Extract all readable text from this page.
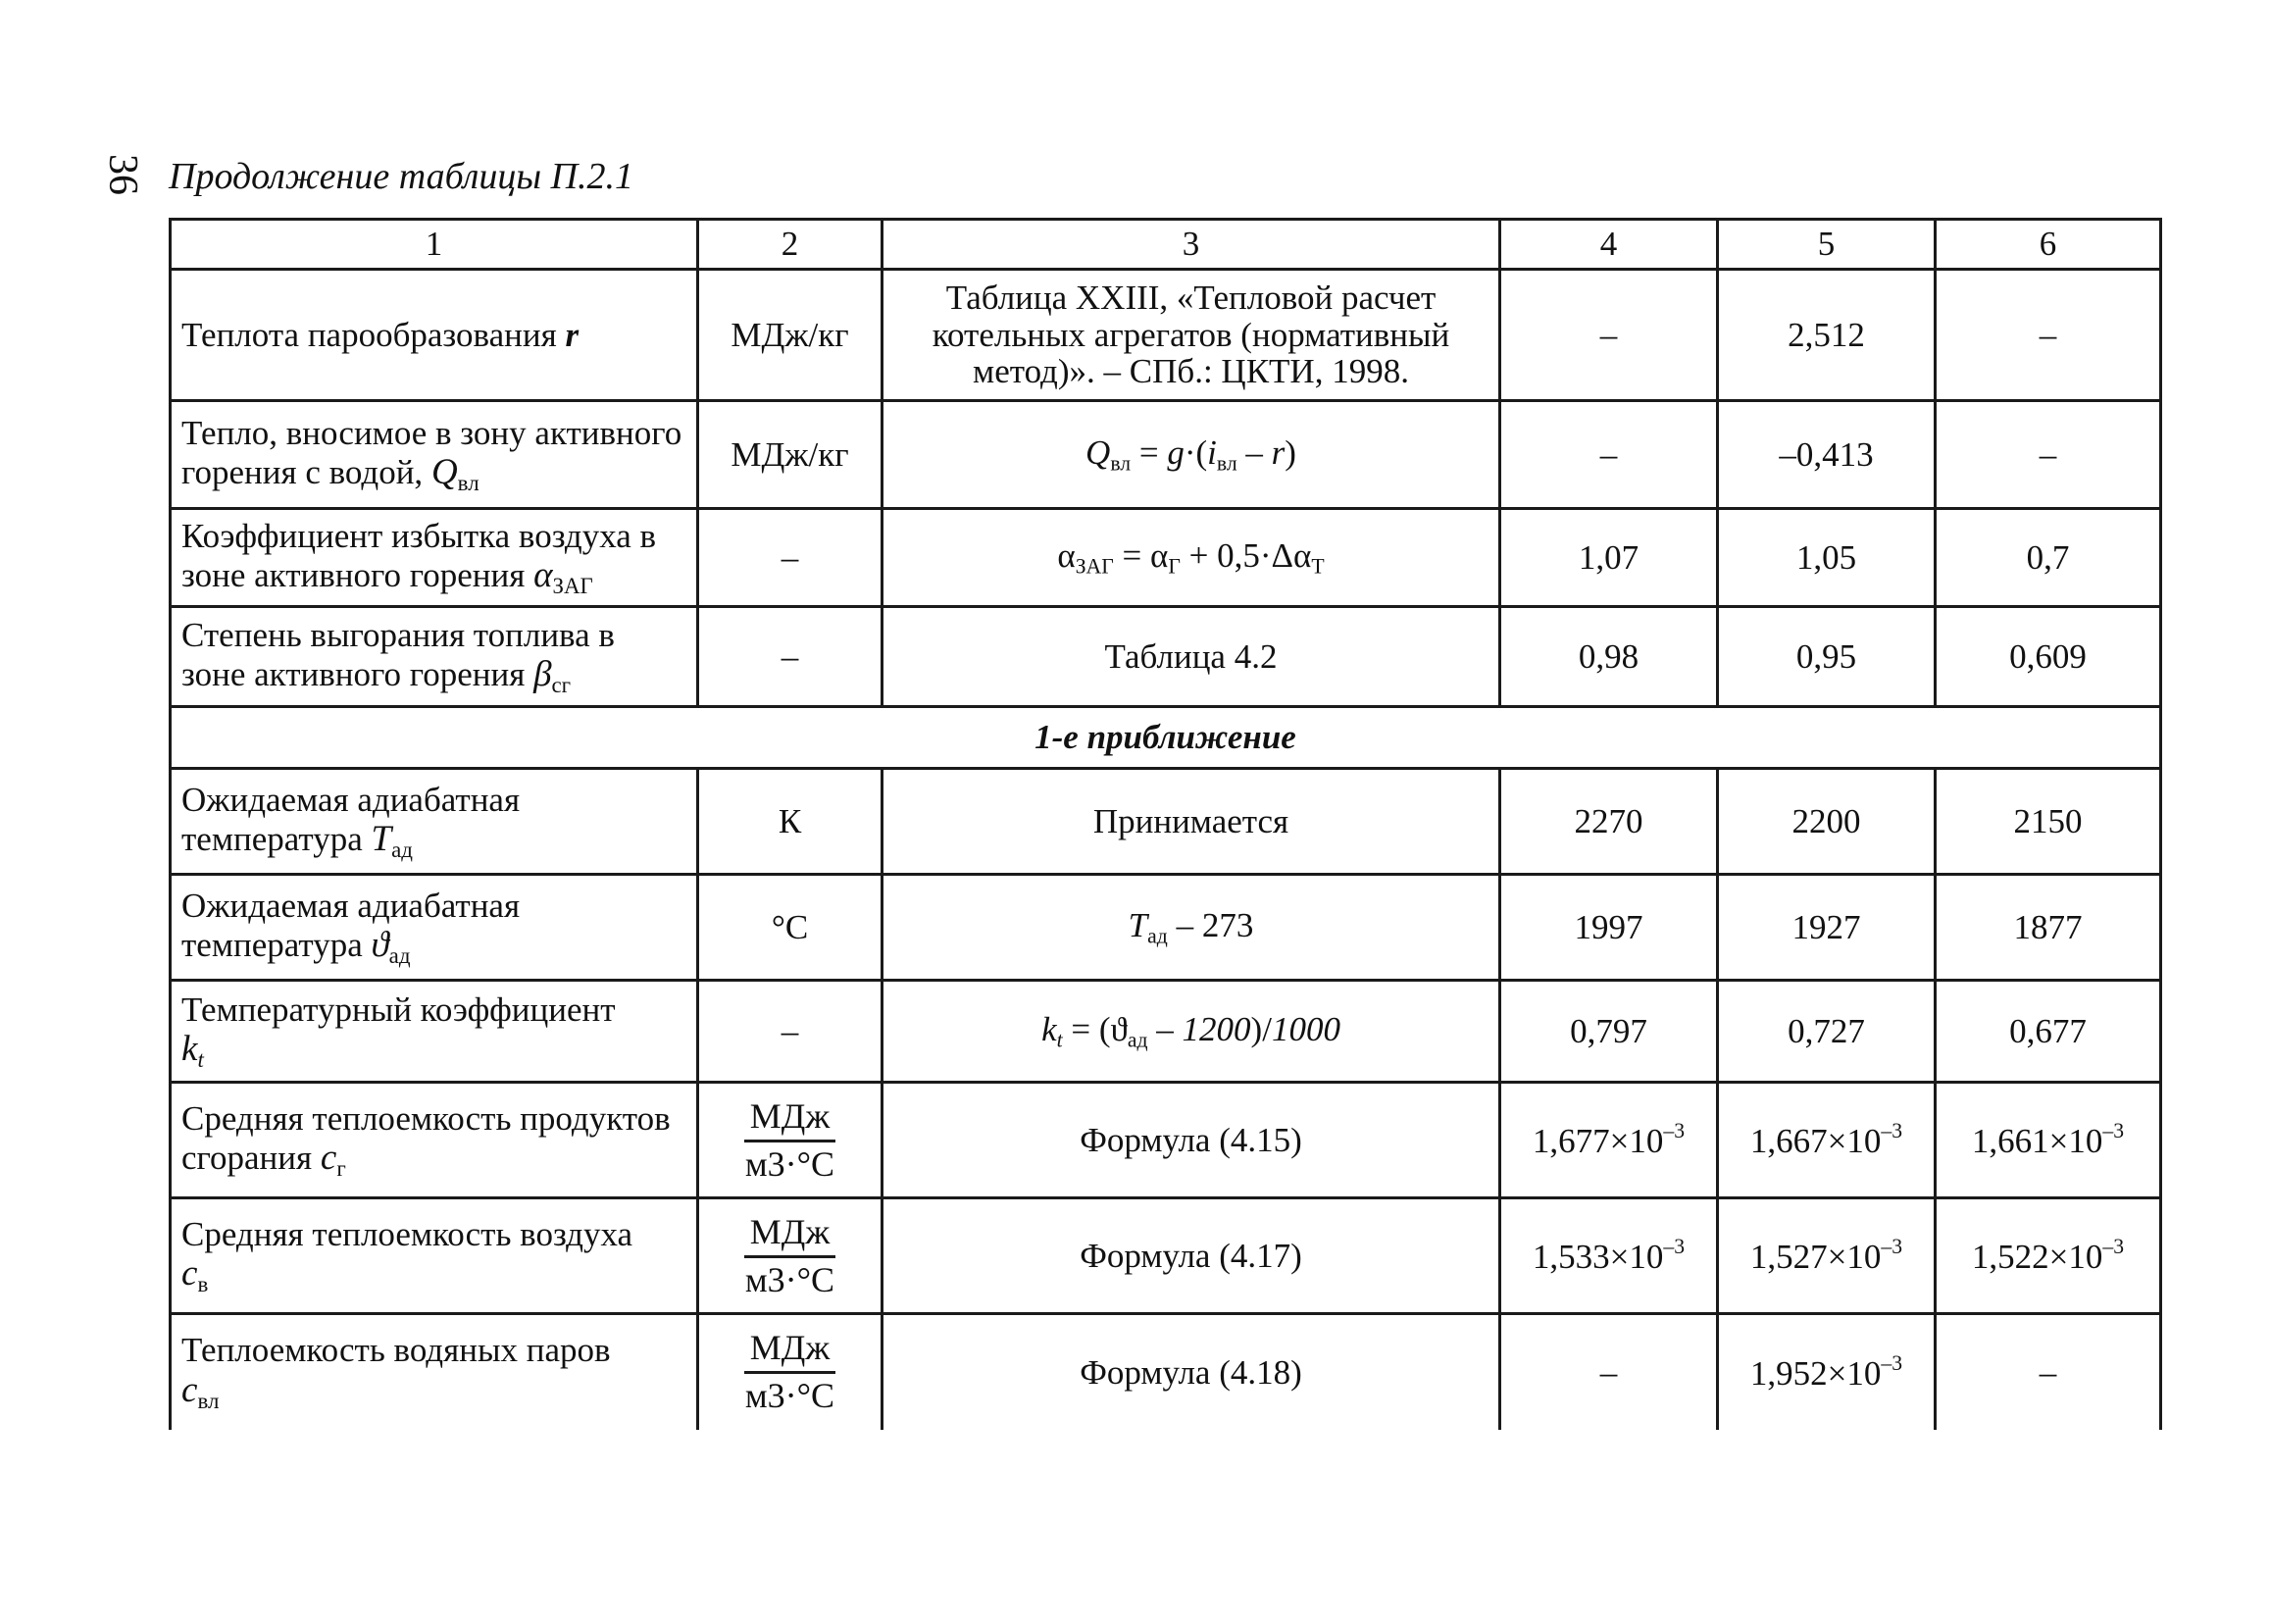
36 Продолжение таблицы П.2.1
1	2	3	4	5	6
Теплота парообразования r	МДж/кг	Таблица XXIII, «Тепловой расчет котельных агрегатов (нормативный метод)». – СПб.: ЦКТИ, 1998.	–	2,512	–
Тепло, вносимое в зону активного горения с водой, $Q_{вл}$	МДж/кг	$Q_{вл} = g\cdot(i_{вл} - r)$	–	–0,413	–
Коэффициент избытка воздуха в зоне активного горения $\alpha_{ЗАГ}$	–	$\alpha_{ЗАГ} = \alpha_Г + 0,5\cdot\Delta\alpha_Т$	1,07	1,05	0,7
Степень выгорания топлива в зоне активного горения $\beta_{сг}$	–	Таблица 4.2	0,98	0,95	0,609
1-е приближение					
Ожидаемая адиабатная температура $T_{ад}$	К	Принимается	2270	2200	2150
Ожидаемая адиабатная температура $ϑ_{ад}$	°С	$T_{ад} - 273$	1997	1927	1877

Температурный коэффициент
$k_t$	–	$k_t = (ϑ_{ад} - 1200)/1000$	0,797	0,727	0,677
Средняя теплоемкость продуктов сгорания $c_г$	$\frac{\text{МДж}}{м3\cdot^\circ С}$	Формула (4.15)	$1,677\times 10^{-3}$	$1,667\times 10^{-3}$	$1,661\times 10^{-3}$

Средняя теплоемкость воздуха
$c_в$	$\frac{\text{МДж}}{м3\cdot^\circ С}$	Формула (4.17)	$1,533\times 10^{-3}$	$1,527\times 10^{-3}$	$1,522\times 10^{-3}$

Теплоемкость водяных паров
$c_{вл}$	$\frac{\text{МДж}}{м3\cdot^\circ С}$	Формула (4.18)	–	$1,952\times 10^{-3}$	–
